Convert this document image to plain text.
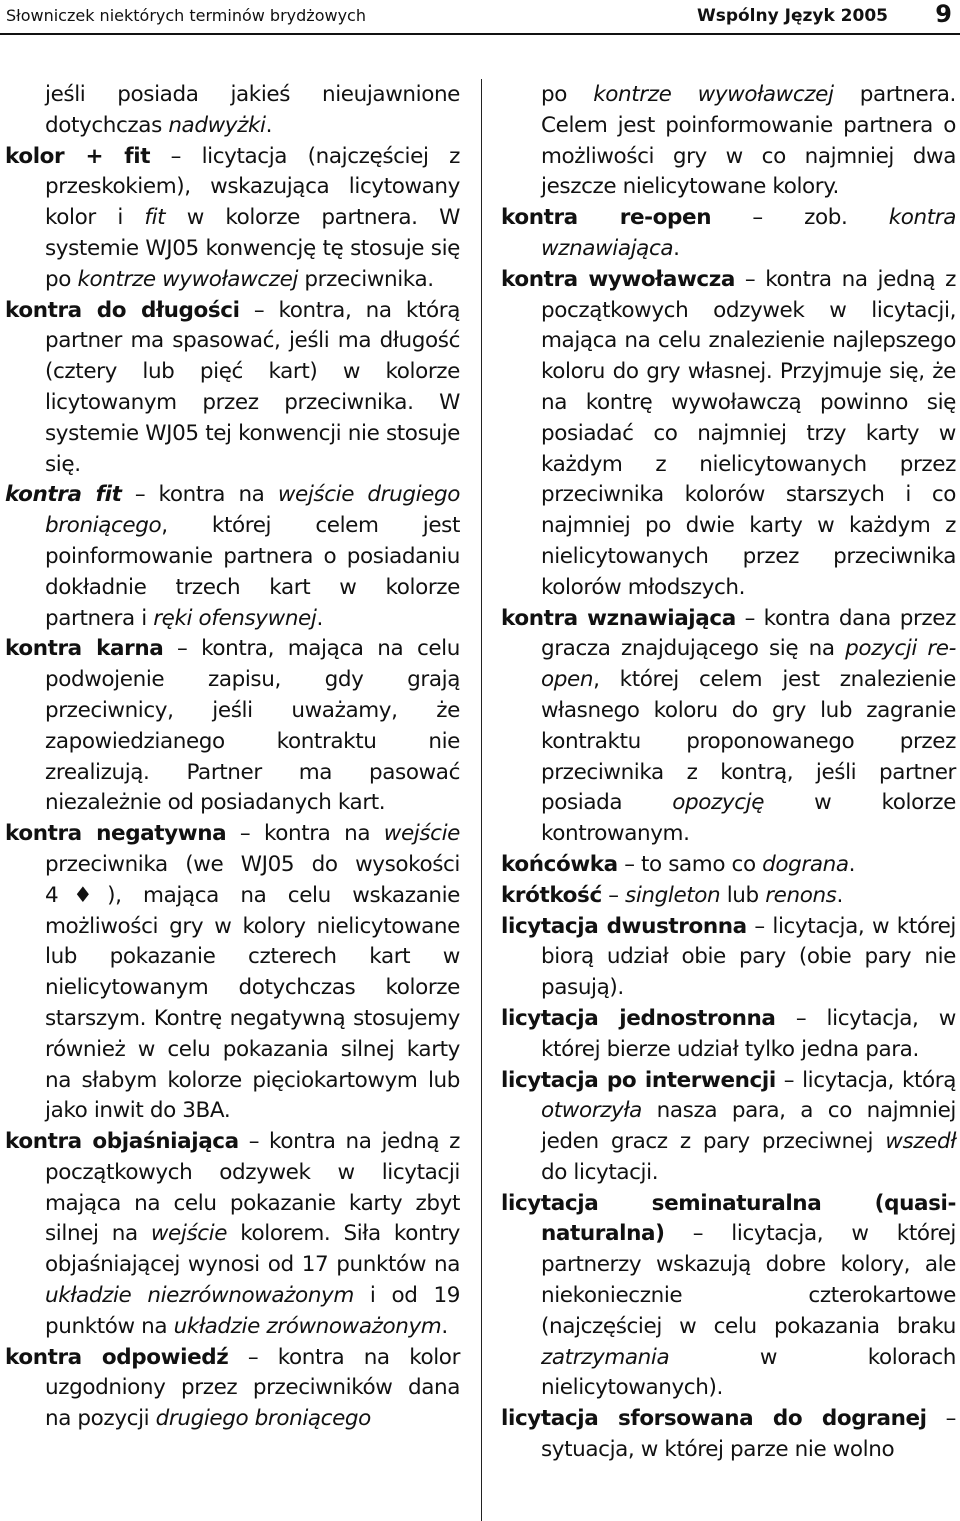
Słowniczek niektórych terminów brydżowych	Wspólny Język 2005 9

jeśli posiada jakieś nieujawnione dotychczas nadwyżki.

kolor + fit – licytacja (najczęściej z przeskokiem), wskazująca licytowany kolor i fit w kolorze partnera. W systemie WJ05 konwencję tę stosuje się po kontrze wywoławczej przeciwnika.

kontra do długości – kontra, na którą partner ma spasować, jeśli ma długość (cztery lub pięć kart) w kolorze licytowanym przez przeciwnika. W systemie WJ05 tej konwencji nie stosuje się.

kontra fit – kontra na wejście drugiego broniącego, której celem jest poinformowanie partnera o posiadaniu dokładnie trzech kart w kolorze partnera i ręki ofensywnej.

kontra karna – kontra, mająca na celu podwojenie zapisu, gdy grają przeciwnicy, jeśli uważamy, że zapowiedzianego kontraktu nie zrealizują. Partner ma pasować niezależnie od posiadanych kart.

kontra negatywna – kontra na wejście przeciwnika (we WJ05 do wysokości 4♦), mająca na celu wskazanie możliwości gry w kolory nielicytowane lub pokazanie czterech kart w nielicytowanym dotychczas kolorze starszym. Kontrę negatywną stosujemy również w celu pokazania silnej karty na słabym kolorze pięciokartowym lub jako inwit do 3BA.

kontra objaśniająca – kontra na jedną z początkowych odzywek w licytacji mająca na celu pokazanie karty zbyt silnej na wejście kolorem. Siła kontry objaśniającej wynosi od 17 punktów na układzie niezrównoważonym i od 19 punktów na układzie zrównoważonym.

kontra odpowiedź – kontra na kolor uzgodniony przez przeciwników dana na pozycji drugiego broniącego

po kontrze wywoławczej partnera. Celem jest poinformowanie partnera o możliwości gry w co najmniej dwa jeszcze nielicytowane kolory.

kontra re-open – zob. kontra wznawiająca.

kontra wywoławcza – kontra na jedną z początkowych odzywek w licytacji, mająca na celu znalezienie najlepszego koloru do gry własnej. Przyjmuje się, że na kontrę wywoławczą powinno się posiadać co najmniej trzy karty w każdym z nielicytowanych przez przeciwnika kolorów starszych i co najmniej po dwie karty w każdym z nielicytowanych przez przeciwnika kolorów młodszych.

kontra wznawiająca – kontra dana przez gracza znajdującego się na pozycji re-open, której celem jest znalezienie własnego koloru do gry lub zagranie kontraktu proponowanego przez przeciwnika z kontrą, jeśli partner posiada opozycję w kolorze kontrowanym.

końcówka – to samo co dograna.

krótkość – singleton lub renons.

licytacja dwustronna – licytacja, w której biorą udział obie pary (obie pary nie pasują).

licytacja jednostronna – licytacja, w której bierze udział tylko jedna para.

licytacja po interwencji – licytacja, którą otworzyła nasza para, a co najmniej jeden gracz z pary przeciwnej wszedł do licytacji.

licytacja seminaturalna (quasi-naturalna) – licytacja, w której partnerzy wskazują dobre kolory, ale niekoniecznie czterokartowe (najczęściej w celu pokazania braku zatrzymania w kolorach nielicytowanych).

licytacja sforsowana do dogranej – sytuacja, w której parze nie wolno
